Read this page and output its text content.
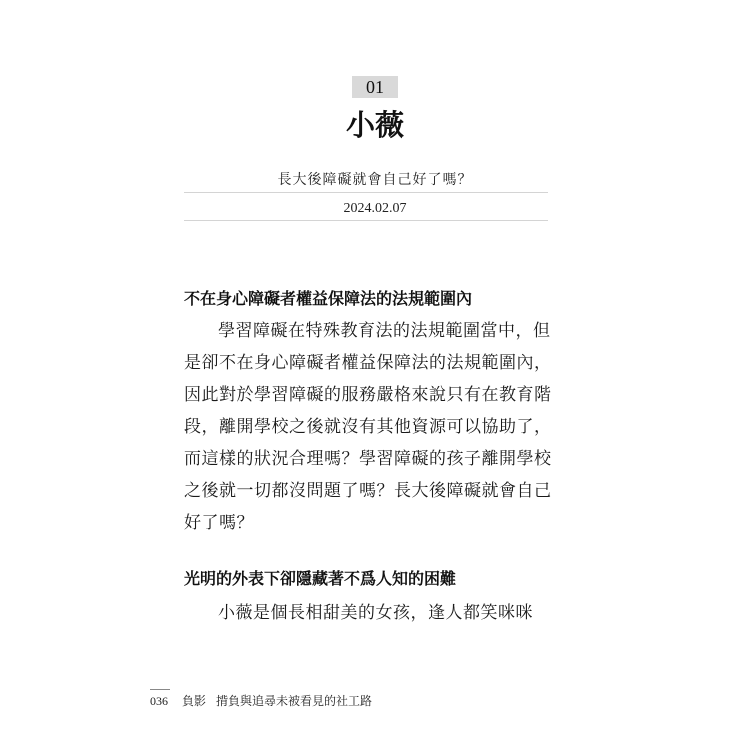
01
小薇
長大後障礙就會自己好了嗎？
2024.02.07
不在身心障礙者權益保障法的法規範圍內
學習障礙在特殊教育法的法規範圍當中，但
是卻不在身心障礙者權益保障法的法規範圍內，
因此對於學習障礙的服務嚴格來說只有在教育階
段，離開學校之後就沒有其他資源可以協助了，
而這樣的狀況合理嗎？學習障礙的孩子離開學校
之後就一切都沒問題了嗎？長大後障礙就會自己
好了嗎？
光明的外表下卻隱藏著不爲人知的困難
小薇是個長相甜美的女孩，逢人都笑咪咪
036 負影 揹負與追尋未被看見的社工路
